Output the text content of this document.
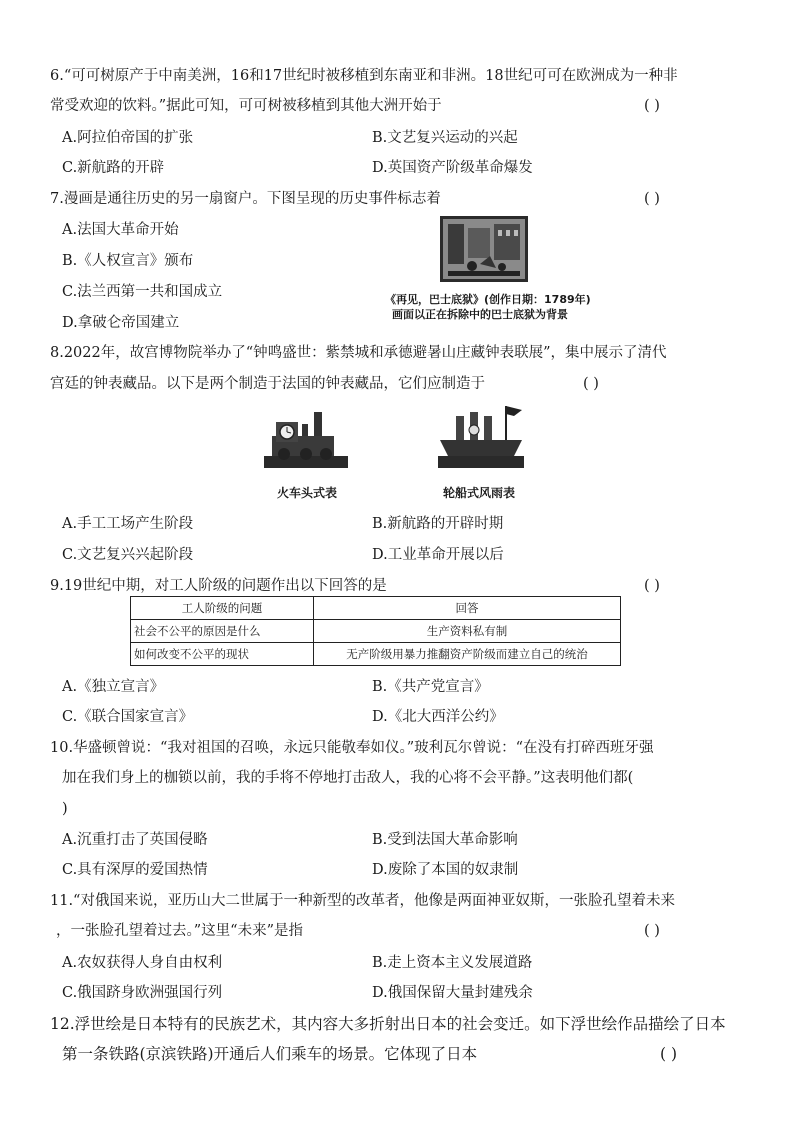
6.“可可树原产于中南美洲，16和17世纪时被移植到东南亚和非洲。18世纪可可在欧洲成为一种非
常受欢迎的饮料。”据此可知，可可树被移植到其他大洲开始于	( )
A.阿拉伯帝国的扩张	B.文艺复兴运动的兴起
C.新航路的开辟	D.英国资产阶级革命爆发
7.漫画是通往历史的另一扇窗户。下图呈现的历史事件标志着	( )
A.法国大革命开始
B.《人权宣言》颁布
C.法兰西第一共和国成立
D.拿破仑帝国建立
《再见，巴士底狱》(创作日期：1789年)
画面以正在拆除中的巴士底狱为背景
8.2022年，故宫博物院举办了“钟鸣盛世：紫禁城和承德避暑山庄藏钟表联展”，集中展示了清代
宫廷的钟表藏品。以下是两个制造于法国的钟表藏品，它们应制造于	( )
火车头式表	轮船式风雨表
A.手工工场产生阶段	B.新航路的开辟时期
C.文艺复兴兴起阶段	D.工业革命开展以后
9.19世纪中期，对工人阶级的问题作出以下回答的是	( )
工人阶级的问题	回答
社会不公平的原因是什么	生产资料私有制
如何改变不公平的现状	无产阶级用暴力推翻资产阶级而建立自己的统治
A.《独立宣言》	B.《共产党宣言》
C.《联合国家宣言》	D.《北大西洋公约》
10.华盛顿曾说：“我对祖国的召唤，永远只能敬奉如仪。”玻利瓦尔曾说：“在没有打碎西班牙强
加在我们身上的枷锁以前，我的手将不停地打击敌人，我的心将不会平静。”这表明他们都(
)
A.沉重打击了英国侵略	B.受到法国大革命影响
C.具有深厚的爱国热情	D.废除了本国的奴隶制
11.“对俄国来说，亚历山大二世属于一种新型的改革者，他像是两面神亚奴斯，一张脸孔望着未来
，一张脸孔望着过去。”这里“未来”是指	( )
A.农奴获得人身自由权利	B.走上资本主义发展道路
C.俄国跻身欧洲强国行列	D.俄国保留大量封建残余
12.浮世绘是日本特有的民族艺术，其内容大多折射出日本的社会变迁。如下浮世绘作品描绘了日本
第一条铁路(京滨铁路)开通后人们乘车的场景。它体现了日本	( )
